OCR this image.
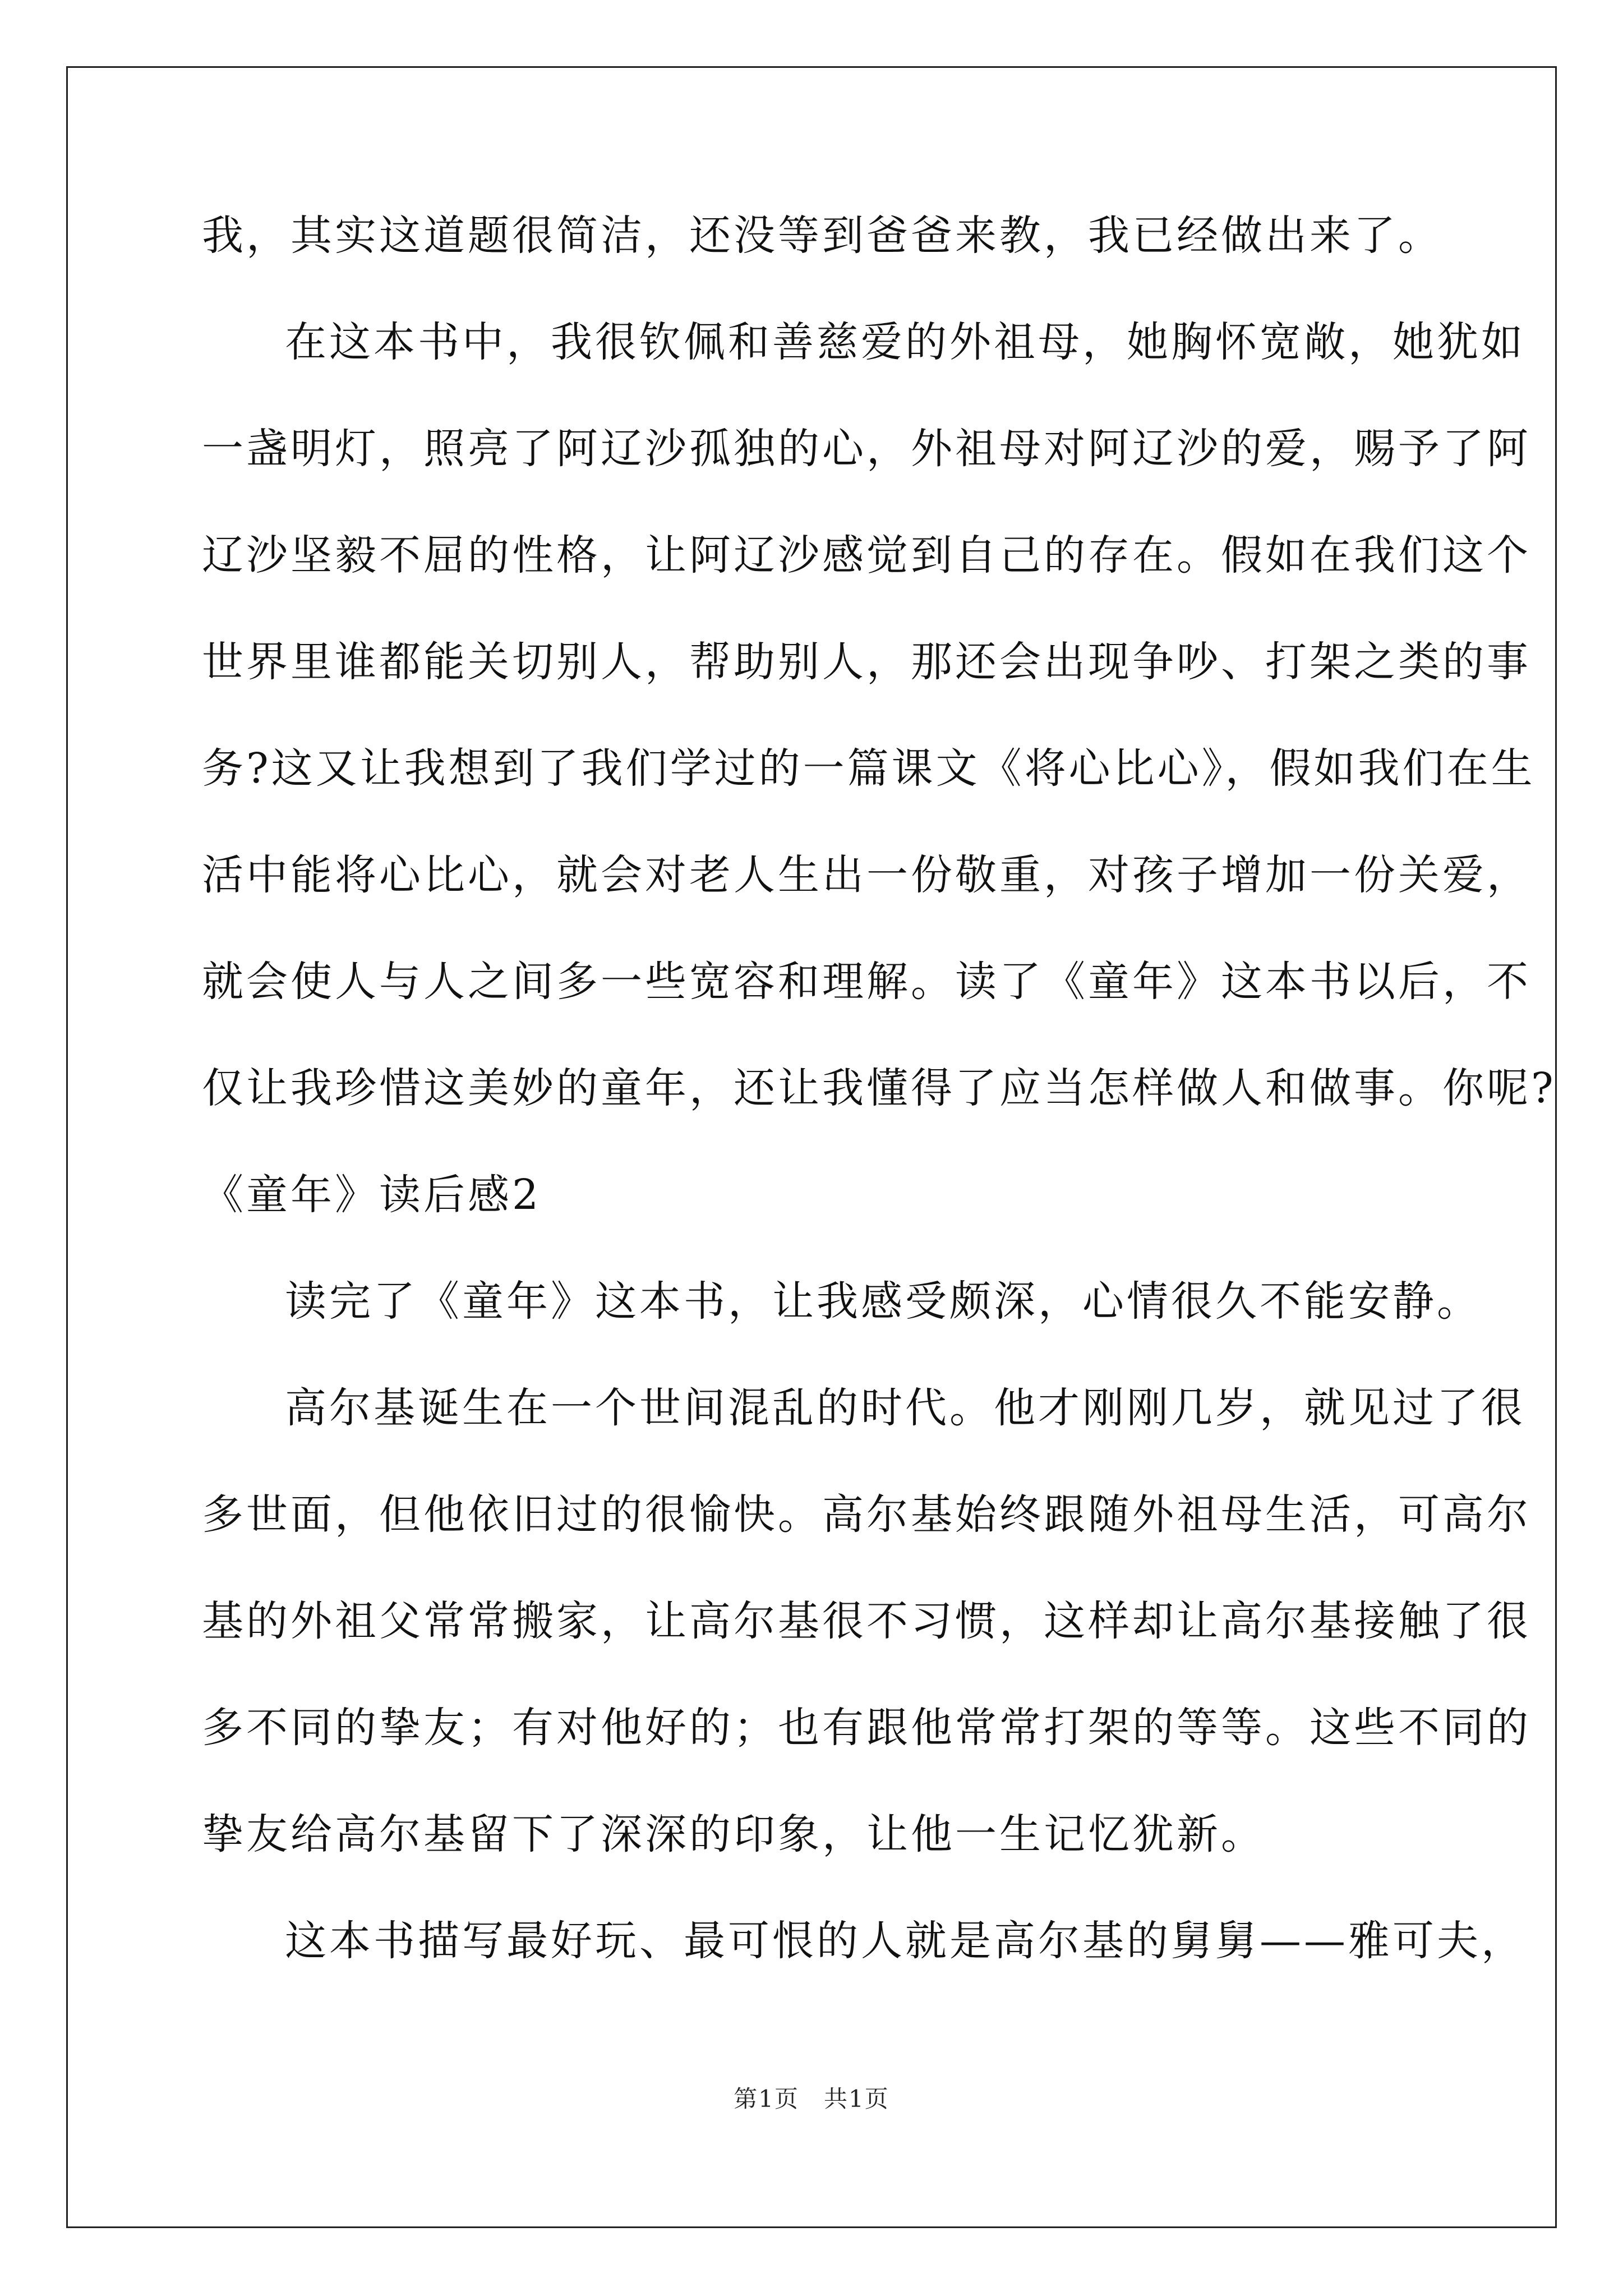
我，其实这道题很简洁，还没等到爸爸来教，我已经做出来了。
在这本书中，我很钦佩和善慈爱的外祖母，她胸怀宽敞，她犹如
一盏明灯，照亮了阿辽沙孤独的心，外祖母对阿辽沙的爱，赐予了阿
辽沙坚毅不屈的性格，让阿辽沙感觉到自己的存在。假如在我们这个
世界里谁都能关切别人，帮助别人，那还会出现争吵、打架之类的事
务?这又让我想到了我们学过的一篇课文《将心比心》，假如我们在生
活中能将心比心，就会对老人生出一份敬重，对孩子增加一份关爱，
就会使人与人之间多一些宽容和理解。读了《童年》这本书以后，不
仅让我珍惜这美妙的童年，还让我懂得了应当怎样做人和做事。你呢?
《童年》读后感2
读完了《童年》这本书，让我感受颇深，心情很久不能安静。
高尔基诞生在一个世间混乱的时代。他才刚刚几岁，就见过了很
多世面，但他依旧过的很愉快。高尔基始终跟随外祖母生活，可高尔
基的外祖父常常搬家，让高尔基很不习惯，这样却让高尔基接触了很
多不同的挚友；有对他好的；也有跟他常常打架的等等。这些不同的
挚友给高尔基留下了深深的印象，让他一生记忆犹新。
这本书描写最好玩、最可恨的人就是高尔基的舅舅——雅可夫，
第1页 共1页
